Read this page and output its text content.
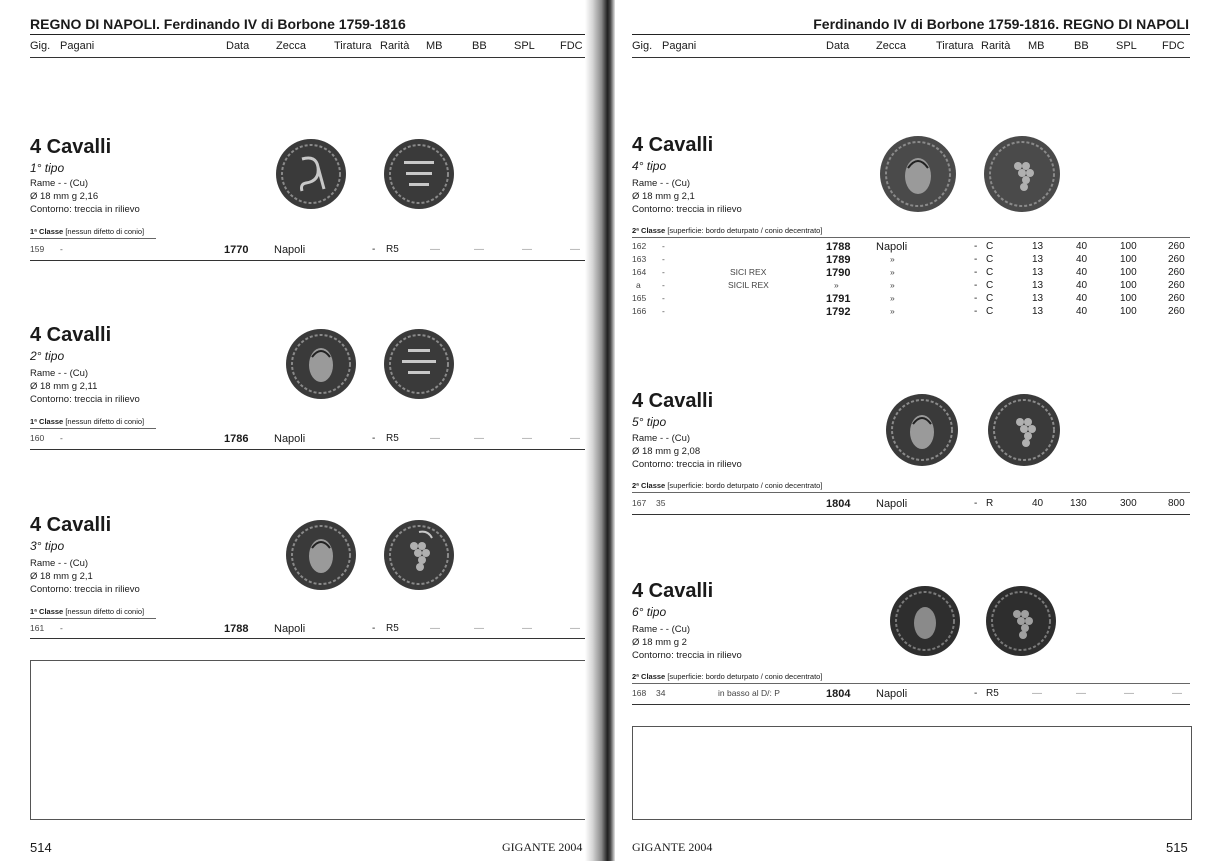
REGNO DI NAPOLI. Ferdinando IV di Borbone 1759-1816
Gig. Pagani	Data Zecca	Tiratura Rarità MB	BB SPL FDC
4 Cavalli
1° tipo
Rame - - (Cu)
Ø 18 mm g 2,16
Contorno: treccia in rilievo
1ª Classe [nessun difetto di conio]
159 -	1770 Napoli	- R5	—	—	—	—
4 Cavalli
2° tipo
Rame - - (Cu)
Ø 18 mm g 2,11
Contorno: treccia in rilievo
1ª Classe [nessun difetto di conio]
160 -	1786 Napoli	- R5	—	—	—	—
4 Cavalli
3° tipo
Rame - - (Cu)
Ø 18 mm g 2,1
Contorno: treccia in rilievo
1ª Classe [nessun difetto di conio]
161 -	1788 Napoli	- R5	—	—	—	—
514	GIGANTE 2004
Ferdinando IV di Borbone 1759-1816. REGNO DI NAPOLI
Gig. Pagani	Data Zecca	Tiratura Rarità MB	BB SPL FDC
4 Cavalli
4° tipo
Rame - - (Cu)
Ø 18 mm g 2,1
Contorno: treccia in rilievo
2ª Classe [superficie: bordo deturpato / conio decentrato]
162 -	1788 Napoli	- C	13	40	100	260
163 -	1789	»	- C	13	40	100	260
164 -	SICI REX	1790	»	- C	13	40	100	260
a	-	SICIL REX	»	»	- C	13	40	100	260
165 -	1791	»	- C	13	40	100	260
166 -	1792	»	- C	13	40	100	260
4 Cavalli
5° tipo
Rame - - (Cu)
Ø 18 mm g 2,08
Contorno: treccia in rilievo
2ª Classe [superficie: bordo deturpato / conio decentrato]
167 35	1804 Napoli	- R	40	130	300	800
4 Cavalli
6° tipo
Rame - - (Cu)
Ø 18 mm g 2
Contorno: treccia in rilievo
2ª Classe [superficie: bordo deturpato / conio decentrato]
168 34	in basso al D/: P	1804 Napoli	- R5	—	—	—	—
GIGANTE 2004	515
